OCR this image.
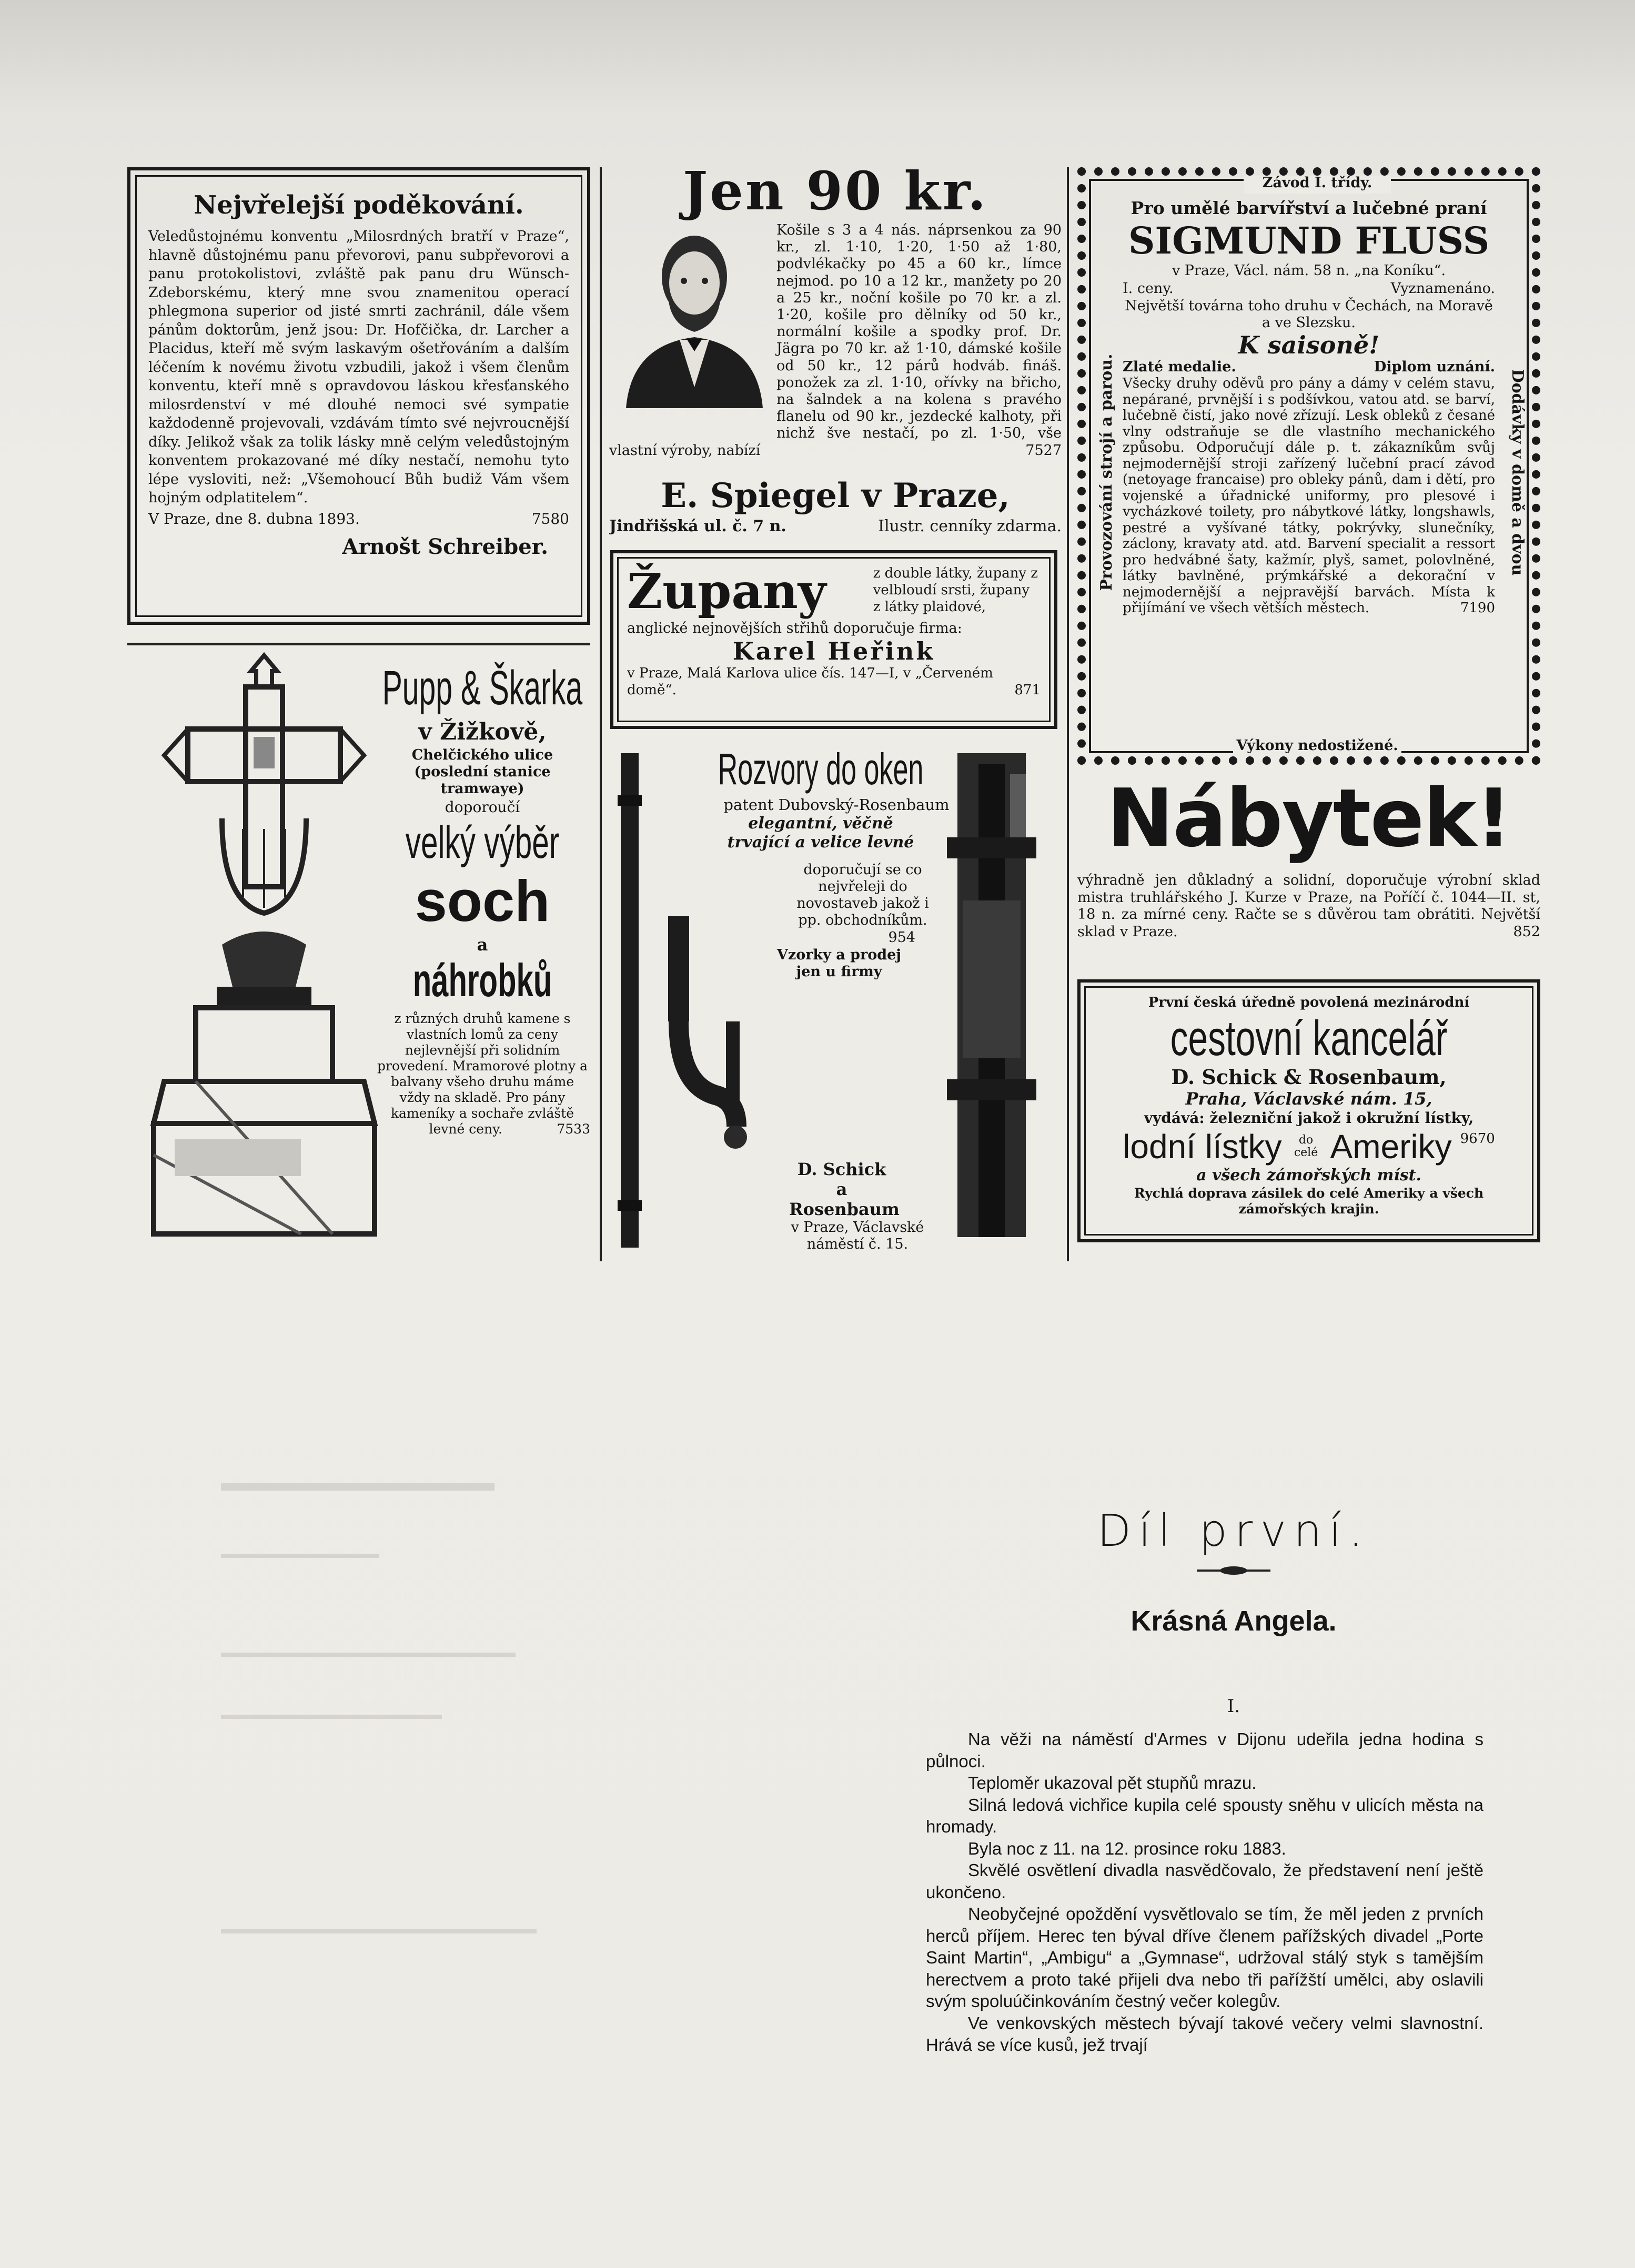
Nejvřelejší poděkování.
Veledůstojnému konventu „Milosrdných bratří v Praze“, hlavně důstojnému panu převorovi, panu subpřevorovi a panu protokolistovi, zvláště pak panu dru Wünsch-Zdeborskému, který mne svou znamenitou operací phlegmona superior od jisté smrti zachránil, dále všem pánům doktorům, jenž jsou: Dr. Hofčička, dr. Larcher a Placidus, kteří mě svým laskavým ošetřováním a dalším léčením k novému životu vzbudili, jakož i všem členům konventu, kteří mně s opravdovou láskou křesťanského milosrdenství v mé dlouhé nemoci své sympatie každodenně projevovali, vzdávám tímto své nejvroucnější díky. Jelikož však za tolik lásky mně celým veledůstojným konventem prokazované mé díky nestačí, nemohu tyto lépe vysloviti, než: „Všemohoucí Bůh budiž Vám všem hojným odplatitelem“.
V Praze, dne 8. dubna 1893.	7580
Arnošt Schreiber.
Jen 90 kr.
Košile s 3 a 4 nás. náprsenkou za 90 kr., zl. 1·10, 1·20, 1·50 až 1·80, podvlékačky po 45 a 60 kr., límce nejmod. po 10 a 12 kr., manžety po 20 a 25 kr., noční košile po 70 kr. a zl. 1·20, košile pro dělníky od 50 kr., normální košile a spodky prof. Dr. Jägra po 70 kr. až 1·10, dámské košile od 50 kr., 12 párů hodváb. fináš. ponožek za zl. 1·10, ořívky na břicho, na šalndek a na kolena s pravého flanelu od 90 kr., jezdecké kalhoty, při nichž šve nestačí, po zl. 1·50, vše vlastní výroby, nabízí	7527
E. Spiegel v Praze,
Jindřišská ul. č. 7 n.	Ilustr. cenníky zdarma.
Župany	z double látky, župany z velbloudí srsti, župany z látky plaidové,
anglické nejnovějších střihů doporučuje firma:
Karel Heřink
v Praze, Malá Karlova ulice čís. 147—I, v „Červeném domě“.	871
Závod I. třídy.
Provozování strojí a parou.	Dodávky v domě a dvou
Pro umělé barvířství a lučebné praní
SIGMUND FLUSS
v Praze, Václ. nám. 58 n. „na Koníku“.
I. ceny.	Vyznamenáno.
Největší továrna toho druhu v Čechách, na Moravě a ve Slezsku.
K saisoně!
Zlaté medalie.	Diplom uznání.
Všecky druhy oděvů pro pány a dámy v celém stavu, nepárané, prvnější i s podšívkou, vatou atd. se barví, lučebně čistí, jako nové zřízují. Lesk obleků z česané vlny odstraňuje se dle vlastního mechanického způsobu. Odporučují dále p. t. zákazníkům svůj nejmodernější stroji zařízený lučební prací závod (netoyage francaise) pro obleky pánů, dam i dětí, pro vojenské a úřadnické uniformy, pro plesové i vycházkové toilety, pro nábytkové látky, longshawls, pestré a vyšívané tátky, pokrývky, slunečníky, záclony, kravaty atd. atd. Barvení specialit a ressort pro hedvábné šaty, kažmír, plyš, samet, polovlněné, látky bavlněné, prýmkářské a dekorační v nejmodernější a nejpravější barvách. Místa k přijímání ve všech větších městech.	7190
Výkony nedostižené.
Pupp & Škarka
v Žižkově,
Chelčického ulice (poslední stanice tramwaye)
doporoučí
velký výběr
soch
a
náhrobků
z různých druhů kamene s vlastních lomů za ceny nejlevnější při solidním provedení. Mramorové plotny a balvany všeho druhu máme vždy na skladě. Pro pány kameníky a sochaře zvláště levné ceny.	7533
Rozvory do oken
patent Dubovský-Rosenbaum
elegantní, věčně trvající a velice levné
doporučují se co nejvřeleji do novostaveb jakož i pp. obchodníkům.
954
Vzorky a prodej jen u firmy
D. Schick a Rosenbaum
v Praze, Václavské náměstí č. 15.
Nábytek!
výhradně jen důkladný a solidní, doporučuje výrobní sklad mistra truhlářského J. Kurze v Praze, na Poříčí č. 1044—II. st, 18 n. za mírné ceny. Račte se s důvěrou tam obrátiti. Největší sklad v Praze.	852
První česká úředně povolená mezinárodní
cestovní kancelář
D. Schick & Rosenbaum,
Praha, Václavské nám. 15,
vydává: železniční jakož i okružní lístky,
lodní lístky	do celé Ameriky 9670
a všech zámořských míst.
Rychlá doprava zásilek do celé Ameriky a všech zámořských krajin.
Díl první.
Krásná Angela.
I.

Na věži na náměstí d'Armes v Dijonu udeřila jedna hodina s půlnoci.

Teploměr ukazoval pět stupňů mrazu.

Silná ledová vichřice kupila celé spousty sněhu v ulicích města na hromady.

Byla noc z 11. na 12. prosince roku 1883.

Skvělé osvětlení divadla nasvědčovalo, že představení není ještě ukončeno.

Neobyčejné opoždění vysvětlovalo se tím, že měl jeden z prvních herců příjem. Herec ten býval dříve členem pařížských divadel „Porte Saint Martin“, „Ambigu“ a „Gymnase“, udržoval stálý styk s tamějším herectvem a proto také přijeli dva nebo tři pařížští umělci, aby oslavili svým spoluúčinkováním čestný večer kolegův.

Ve venkovských městech bývají takové večery velmi slavnostní. Hrává se více kusů, jež trvají
